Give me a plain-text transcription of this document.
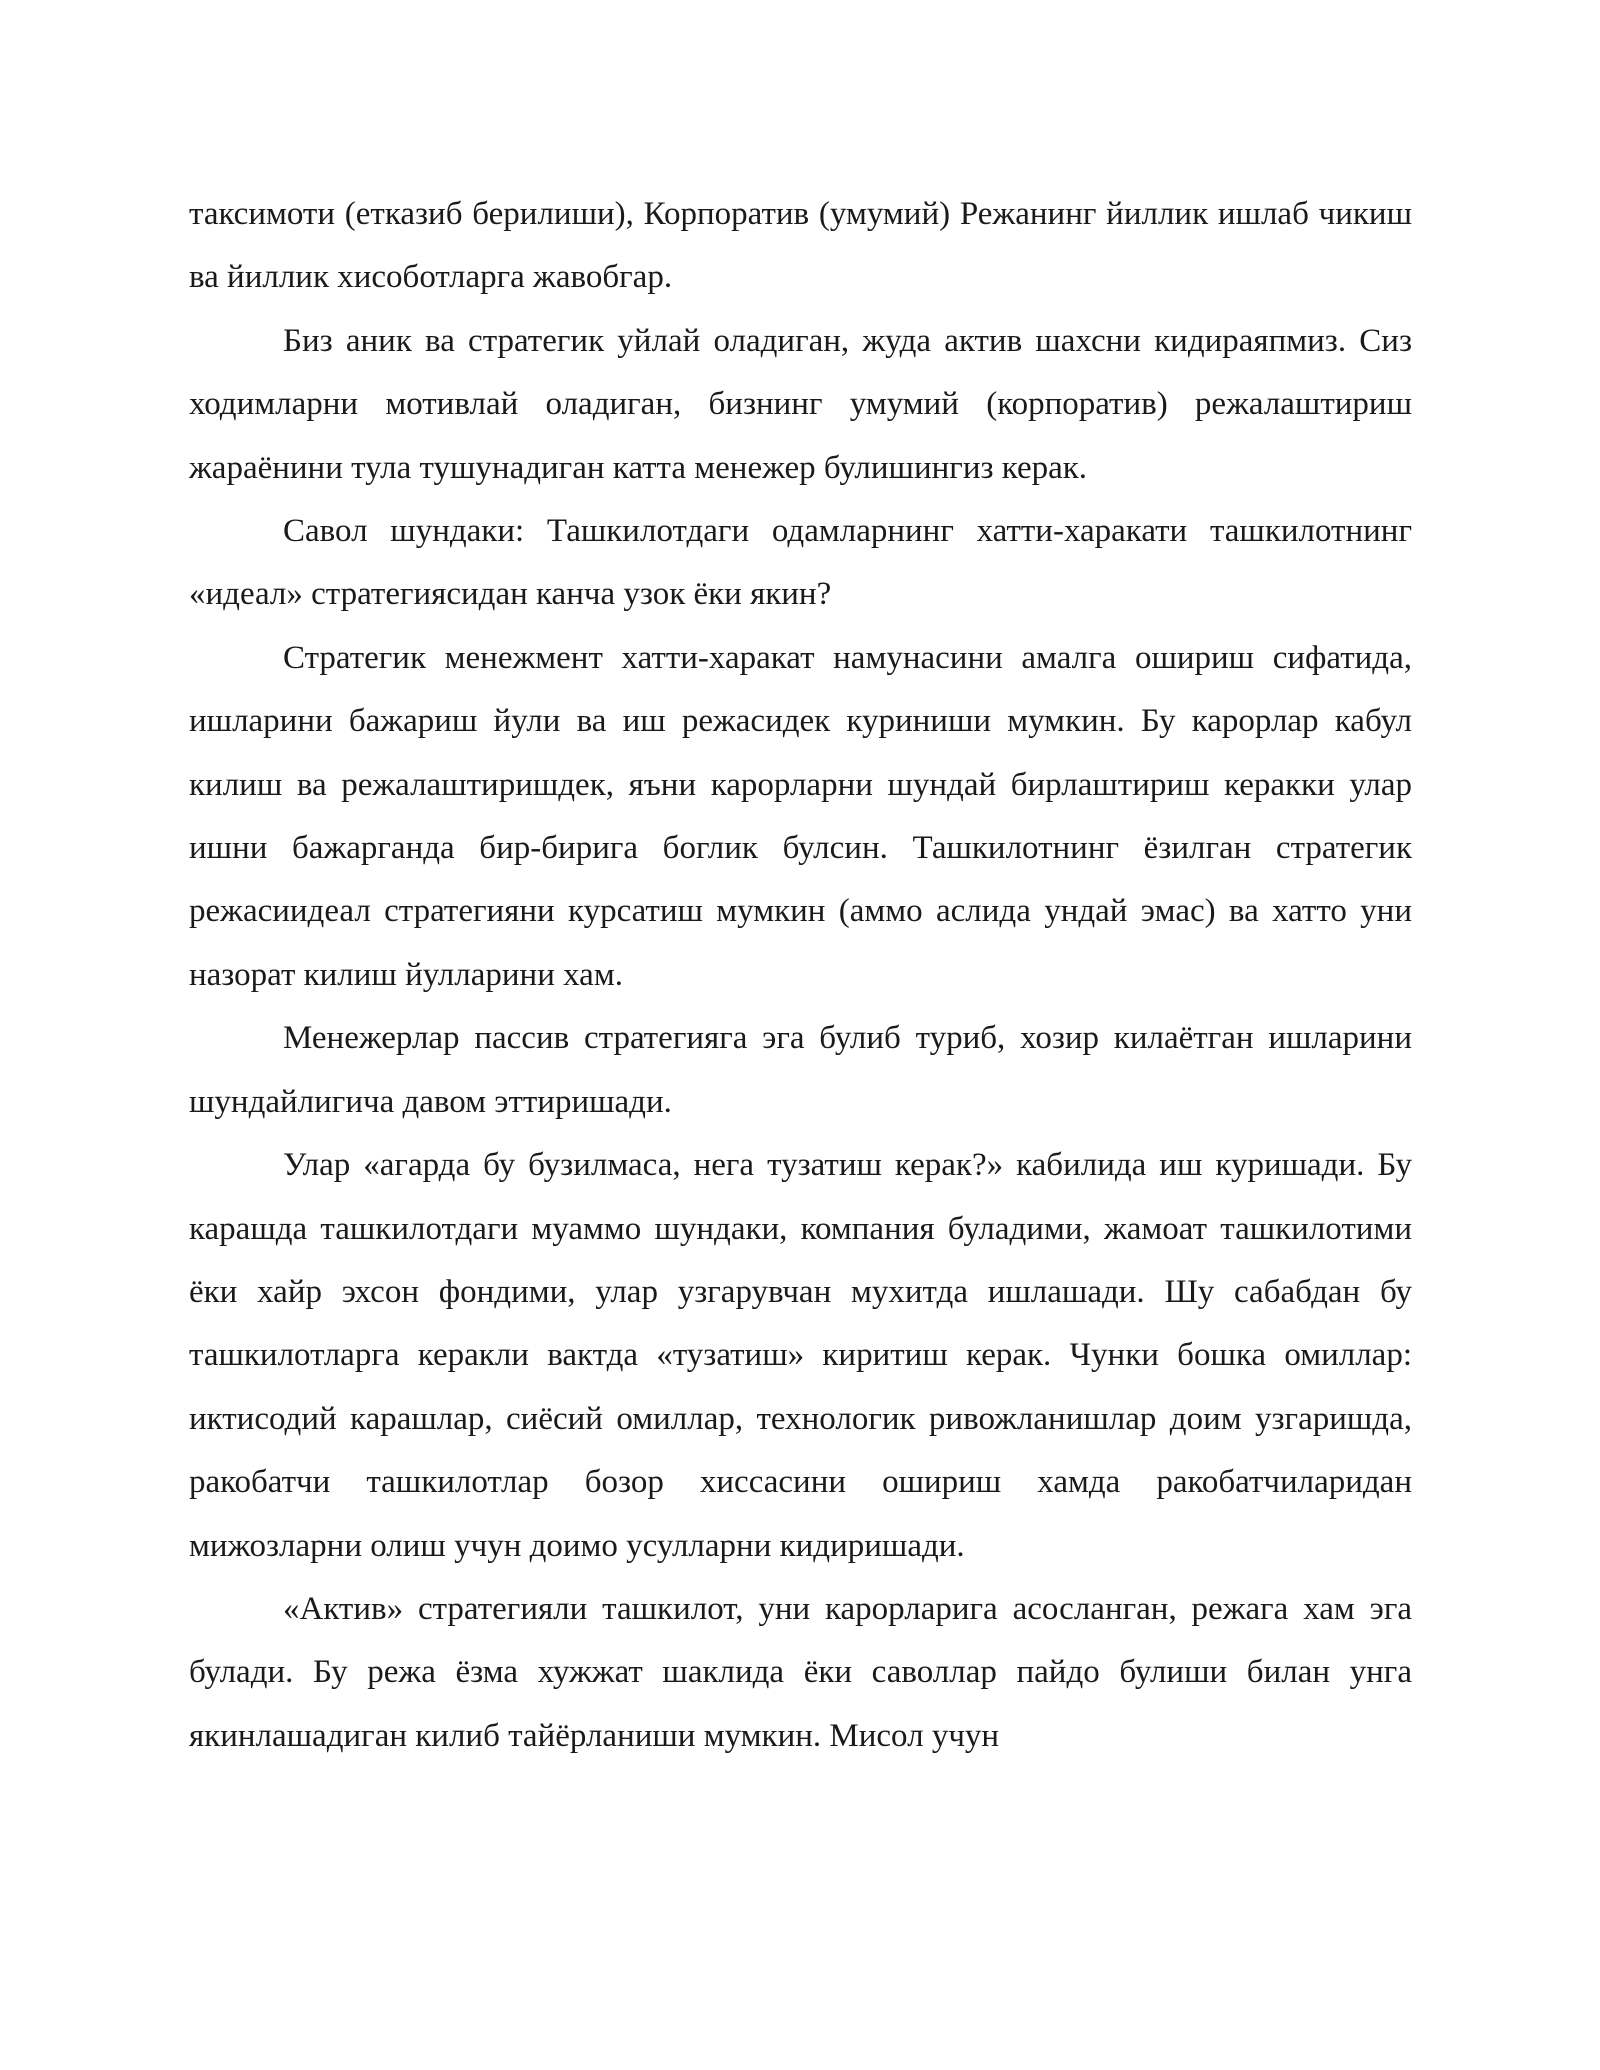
таксимоти (етказиб берилиши), Корпоратив (умумий) Режанинг йиллик ишлаб чикиш ва йиллик хисоботларга жавобгар.

Биз аник ва стратегик уйлай оладиган, жуда актив шахсни кидираяпмиз. Сиз ходимларни мотивлай оладиган, бизнинг умумий (корпоратив) режалаштириш жараёнини тула тушунадиган катта менежер булишингиз керак.

Савол шундаки: Ташкилотдаги одамларнинг хатти-харакати ташкилотнинг «идеал» стратегиясидан канча узок ёки якин?

Стратегик менежмент хатти-харакат намунасини амалга ошириш сифатида, ишларини бажариш йули ва иш режасидек куриниши мумкин. Бу карорлар кабул килиш ва режалаштиришдек, яъни карорларни шундай бирлаштириш керакки улар ишни бажарганда бир-бирига боглик булсин. Ташкилотнинг ёзилган стратегик режасиидеал стратегияни курсатиш мумкин (аммо аслида ундай эмас) ва хатто уни назорат килиш йулларини хам.

Менежерлар пассив стратегияга эга булиб туриб, хозир килаётган ишларини шундайлигича давом эттиришади.

Улар «агарда бу бузилмаса, нега тузатиш керак?» кабилида иш куришади. Бу карашда ташкилотдаги муаммо шундаки, компания буладими, жамоат ташкилотими ёки хайр эхсон фондими, улар узгарувчан мухитда ишлашади. Шу сабабдан бу ташкилотларга керакли вактда «тузатиш» киритиш керак. Чунки бошка омиллар: иктисодий карашлар, сиёсий омиллар, технологик ривожланишлар доим узгаришда, ракобатчи ташкилотлар бозор хиссасини ошириш хамда ракобатчиларидан мижозларни олиш учун доимо усулларни кидиришади.

«Актив» стратегияли ташкилот, уни карорларига асосланган, режага хам эга булади. Бу режа ёзма хужжат шаклида ёки саволлар пайдо булиши билан унга якинлашадиган килиб тайёрланиши мумкин. Мисол учун
